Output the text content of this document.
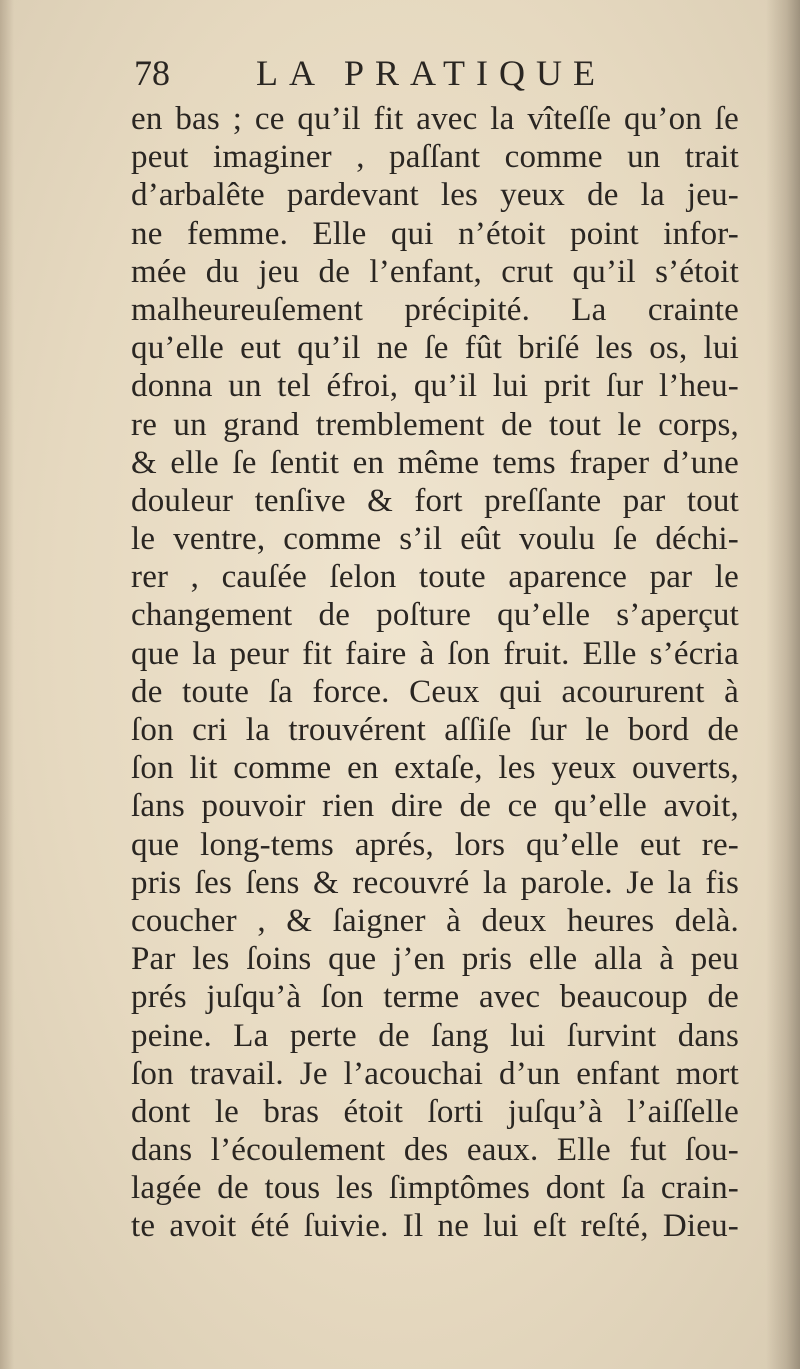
78 LA PRATIQUE
en bas ; ce qu’il fit avec la vîteſſe qu’on ſe
peut imaginer , paſſant comme un trait
d’arbalête pardevant les yeux de la jeu-
ne femme. Elle qui n’étoit point infor-
mée du jeu de l’enfant, crut qu’il s’étoit
malheureuſement précipité. La crainte
qu’elle eut qu’il ne ſe fût briſé les os, lui
donna un tel éfroi, qu’il lui prit ſur l’heu-
re un grand tremblement de tout le corps,
& elle ſe ſentit en même tems fraper d’une
douleur tenſive & fort preſſante par tout
le ventre, comme s’il eût voulu ſe déchi-
rer , cauſée ſelon toute aparence par le
changement de poſture qu’elle s’aperçut
que la peur fit faire à ſon fruit. Elle s’écria
de toute ſa force. Ceux qui acoururent à
ſon cri la trouvérent aſſiſe ſur le bord de
ſon lit comme en extaſe, les yeux ouverts,
ſans pouvoir rien dire de ce qu’elle avoit,
que long-tems aprés, lors qu’elle eut re-
pris ſes ſens & recouvré la parole. Je la fis
coucher , & ſaigner à deux heures delà.
Par les ſoins que j’en pris elle alla à peu
prés juſqu’à ſon terme avec beaucoup de
peine. La perte de ſang lui ſurvint dans
ſon travail. Je l’acouchai d’un enfant mort
dont le bras étoit ſorti juſqu’à l’aiſſelle
dans l’écoulement des eaux. Elle fut ſou-
lagée de tous les ſimptômes dont ſa crain-
te avoit été ſuivie. Il ne lui eſt reſté, Dieu-
